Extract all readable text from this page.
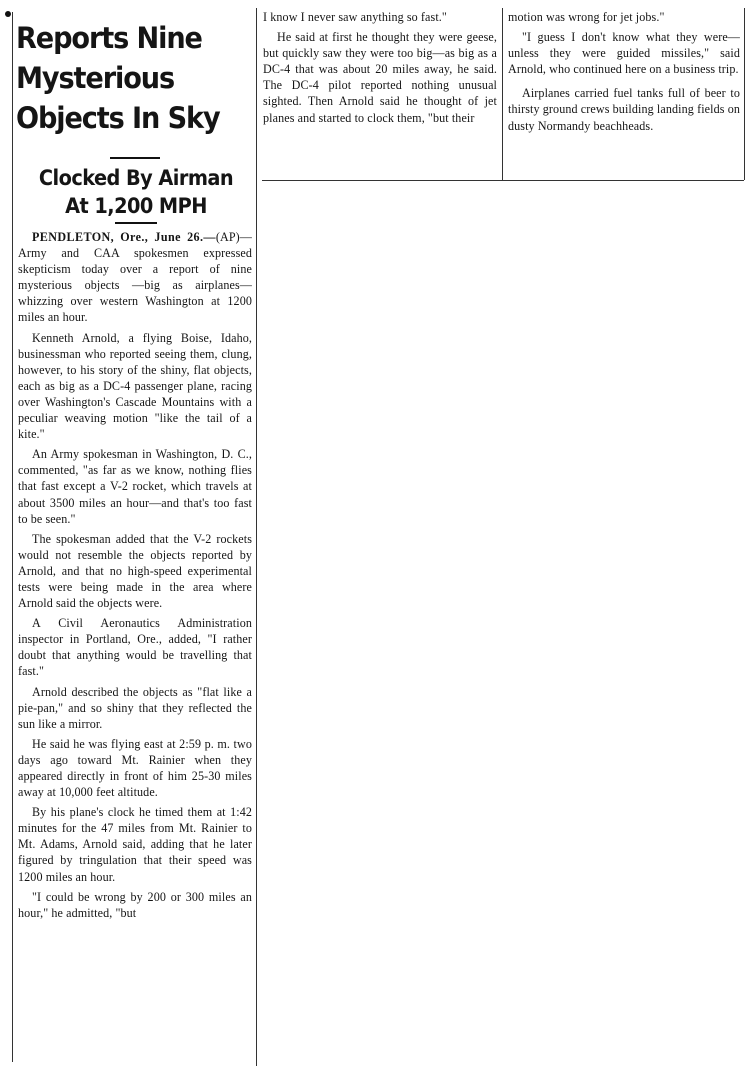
Reports Nine
Mysterious
Objects In Sky
Clocked By Airman
At 1,200 MPH

PENDLETON, Ore., June 26.—(AP)—Army and CAA spokesmen expressed skepticism today over a report of nine mysterious objects —big as airplanes—whizzing over western Washington at 1200 miles an hour.

Kenneth Arnold, a flying Boise, Idaho, businessman who reported seeing them, clung, however, to his story of the shiny, flat objects, each as big as a DC-4 passenger plane, racing over Washington's Cascade Mountains with a peculiar weaving motion "like the tail of a kite."

An Army spokesman in Washington, D. C., commented, "as far as we know, nothing flies that fast except a V-2 rocket, which travels at about 3500 miles an hour—and that's too fast to be seen."

The spokesman added that the V-2 rockets would not resemble the objects reported by Arnold, and that no high-speed experimental tests were being made in the area where Arnold said the objects were.

A Civil Aeronautics Administration inspector in Portland, Ore., added, "I rather doubt that anything would be travelling that fast."

Arnold described the objects as "flat like a pie-pan," and so shiny that they reflected the sun like a mirror.

He said he was flying east at 2:59 p. m. two days ago toward Mt. Rainier when they appeared directly in front of him 25-30 miles away at 10,000 feet altitude.

By his plane's clock he timed them at 1:42 minutes for the 47 miles from Mt. Rainier to Mt. Adams, Arnold said, adding that he later figured by tringulation that their speed was 1200 miles an hour.

"I could be wrong by 200 or 300 miles an hour," he admitted, "but

I know I never saw anything so fast."

He said at first he thought they were geese, but quickly saw they were too big—as big as a DC-4 that was about 20 miles away, he said. The DC-4 pilot reported nothing unusual sighted. Then Arnold said he thought of jet planes and started to clock them, "but their

motion was wrong for jet jobs."

"I guess I don't know what they were—unless they were guided missiles," said Arnold, who continued here on a business trip.

Airplanes carried fuel tanks full of beer to thirsty ground crews building landing fields on dusty Normandy beachheads.
